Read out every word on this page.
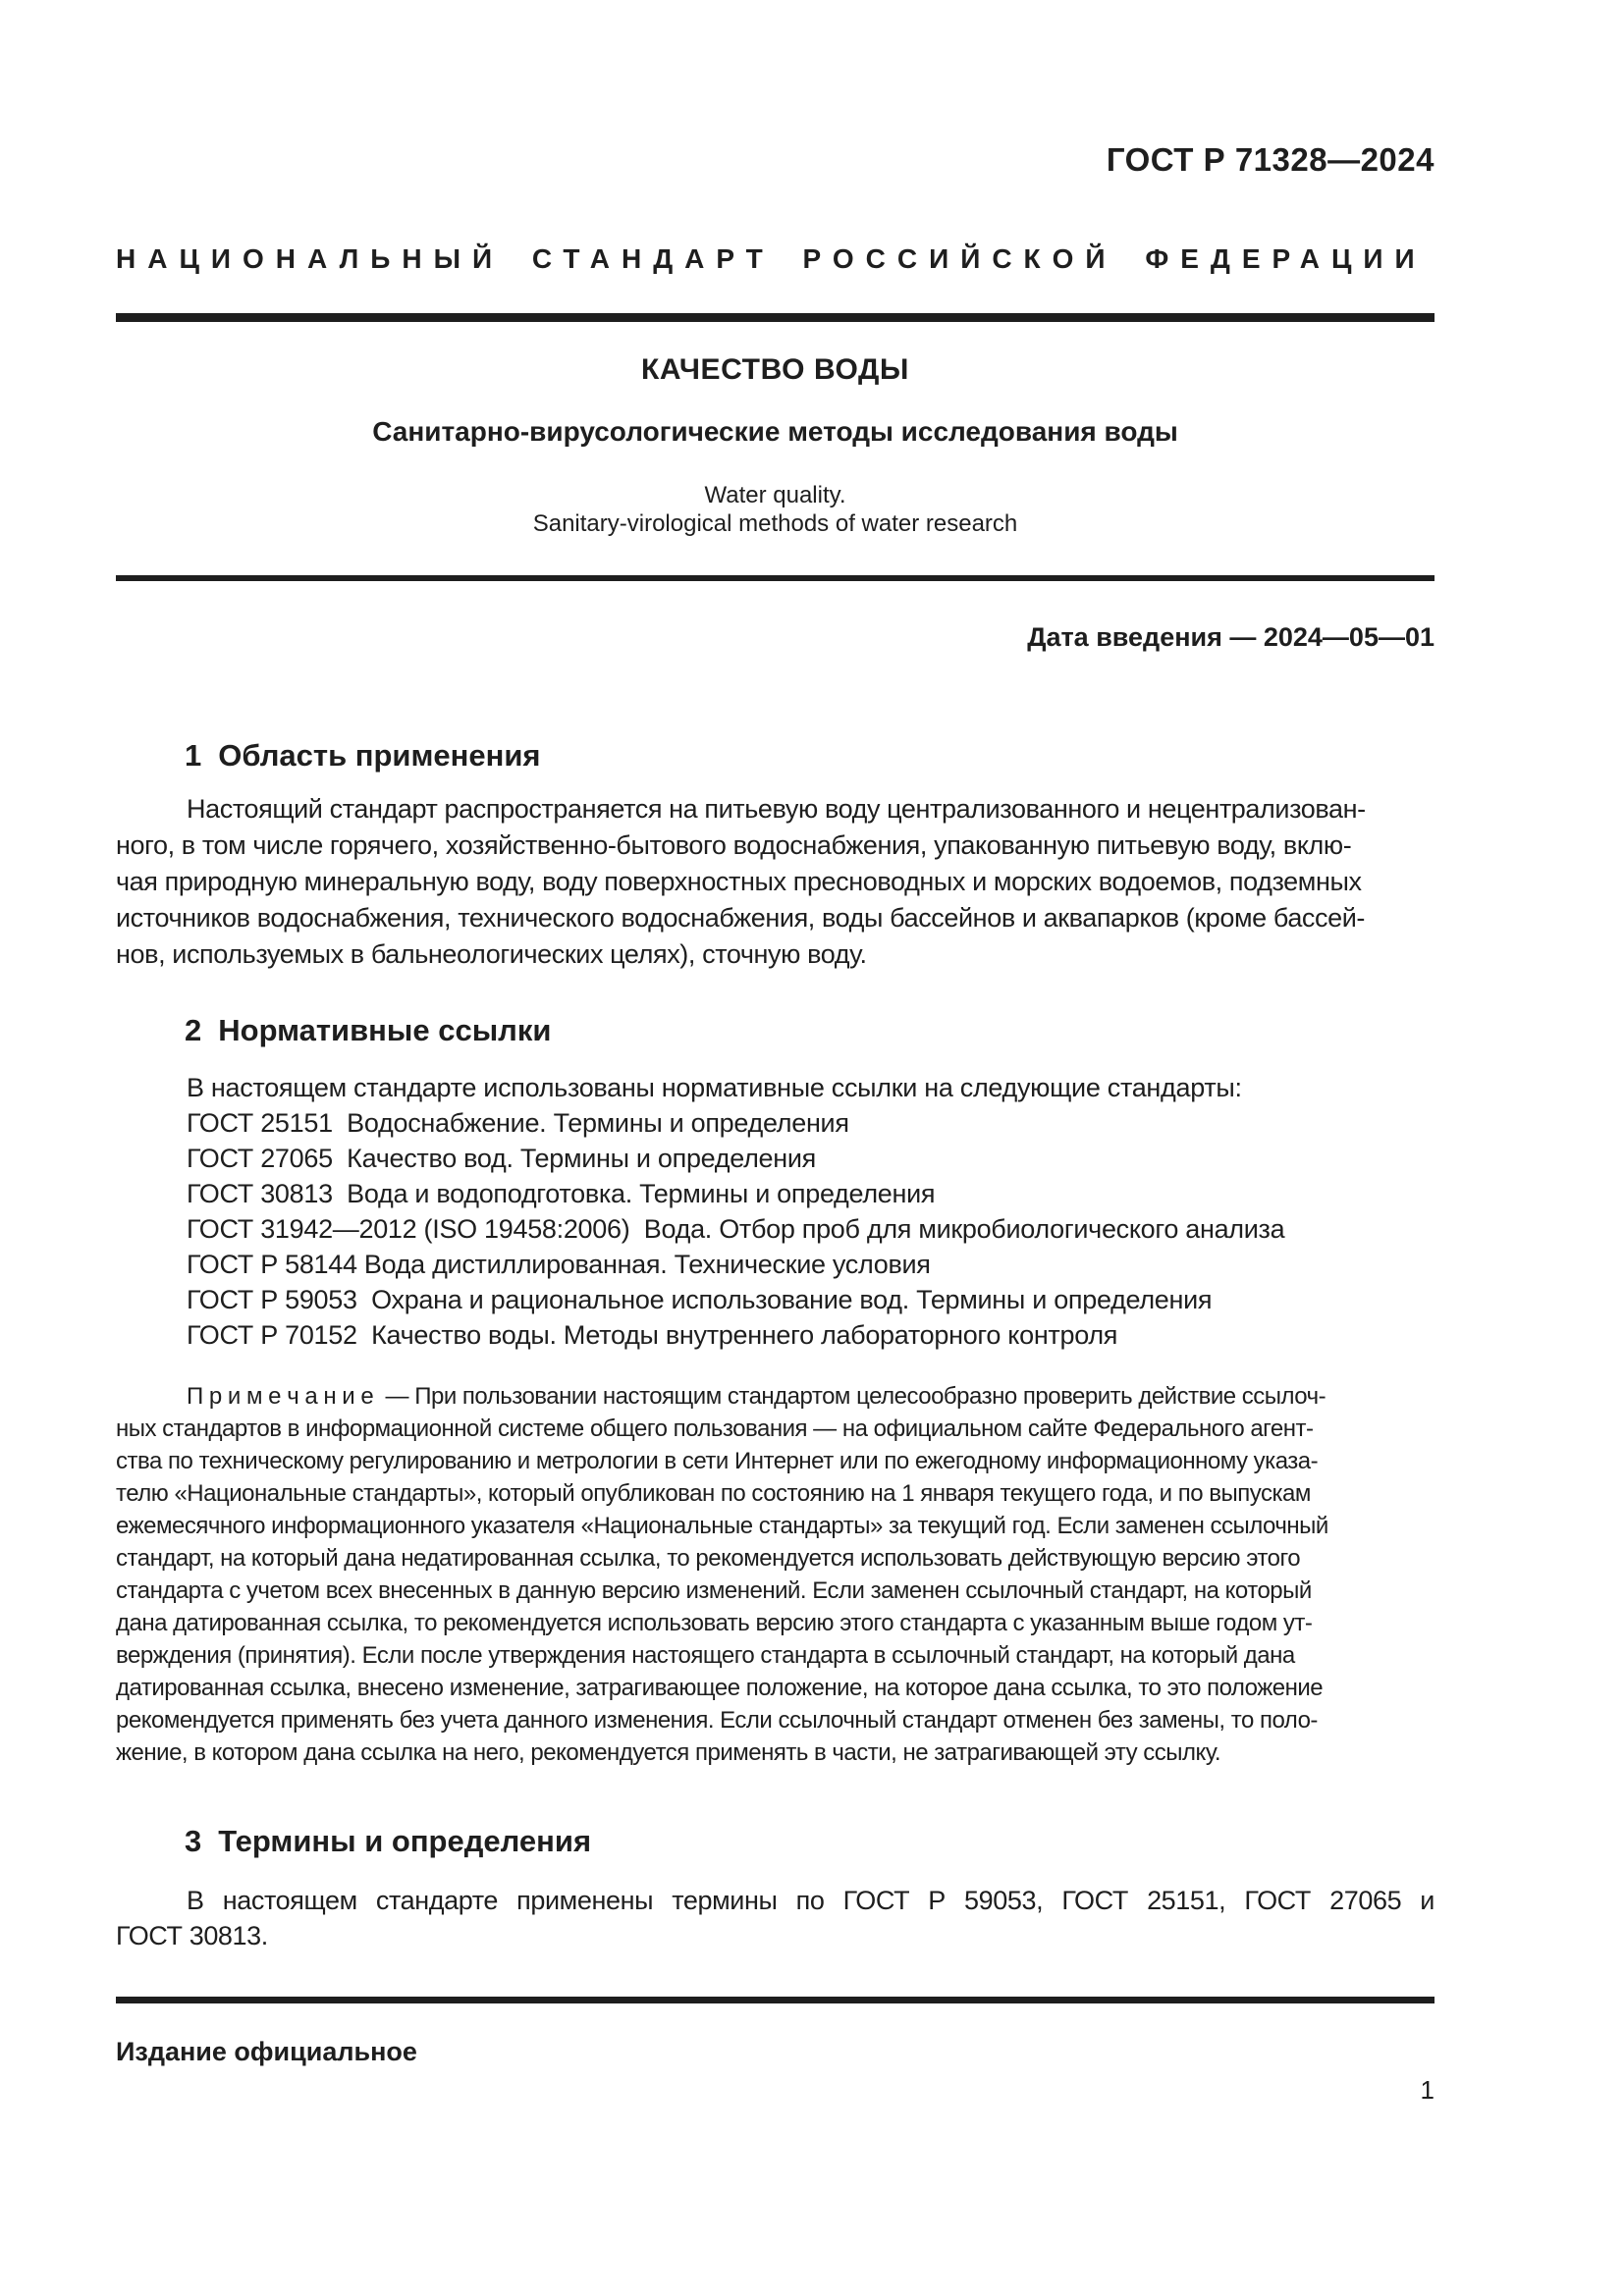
ГОСТ Р 71328—2024
НАЦИОНАЛЬНЫЙ СТАНДАРТ РОССИЙСКОЙ ФЕДЕРАЦИИ
КАЧЕСТВО ВОДЫ
Санитарно-вирусологические методы исследования воды
Water quality.
Sanitary-virological methods of water research
Дата введения — 2024—05—01
1 Область применения
Настоящий стандарт распространяется на питьевую воду централизованного и нецентрализован-
ного, в том числе горячего, хозяйственно-бытового водоснабжения, упакованную питьевую воду, вклю-
чая природную минеральную воду, воду поверхностных пресноводных и морских водоемов, подземных
источников водоснабжения, технического водоснабжения, воды бассейнов и аквапарков (кроме бассей-
нов, используемых в бальнеологических целях), сточную воду.
2 Нормативные ссылки
В настоящем стандарте использованы нормативные ссылки на следующие стандарты:
ГОСТ 25151  Водоснабжение. Термины и определения
ГОСТ 27065  Качество вод. Термины и определения
ГОСТ 30813  Вода и водоподготовка. Термины и определения
ГОСТ 31942—2012 (ISO 19458:2006)  Вода. Отбор проб для микробиологического анализа
ГОСТ Р 58144 Вода дистиллированная. Технические условия
ГОСТ Р 59053  Охрана и рациональное использование вод. Термины и определения
ГОСТ Р 70152  Качество воды. Методы внутреннего лабораторного контроля
П р и м е ч а н и е  — При пользовании настоящим стандартом целесообразно проверить действие ссылоч-
ных стандартов в информационной системе общего пользования — на официальном сайте Федерального агент-
ства по техническому регулированию и метрологии в сети Интернет или по ежегодному информационному указа-
телю «Национальные стандарты», который опубликован по состоянию на 1 января текущего года, и по выпускам
ежемесячного информационного указателя «Национальные стандарты» за текущий год. Если заменен ссылочный
стандарт, на который дана недатированная ссылка, то рекомендуется использовать действующую версию этого
стандарта с учетом всех внесенных в данную версию изменений. Если заменен ссылочный стандарт, на который
дана датированная ссылка, то рекомендуется использовать версию этого стандарта с указанным выше годом ут-
верждения (принятия). Если после утверждения настоящего стандарта в ссылочный стандарт, на который дана
датированная ссылка, внесено изменение, затрагивающее положение, на которое дана ссылка, то это положение
рекомендуется применять без учета данного изменения. Если ссылочный стандарт отменен без замены, то поло-
жение, в котором дана ссылка на него, рекомендуется применять в части, не затрагивающей эту ссылку.
3 Термины и определения
В настоящем стандарте применены термины по ГОСТ Р 59053, ГОСТ 25151, ГОСТ 27065 и
ГОСТ 30813.
Издание официальное
1
